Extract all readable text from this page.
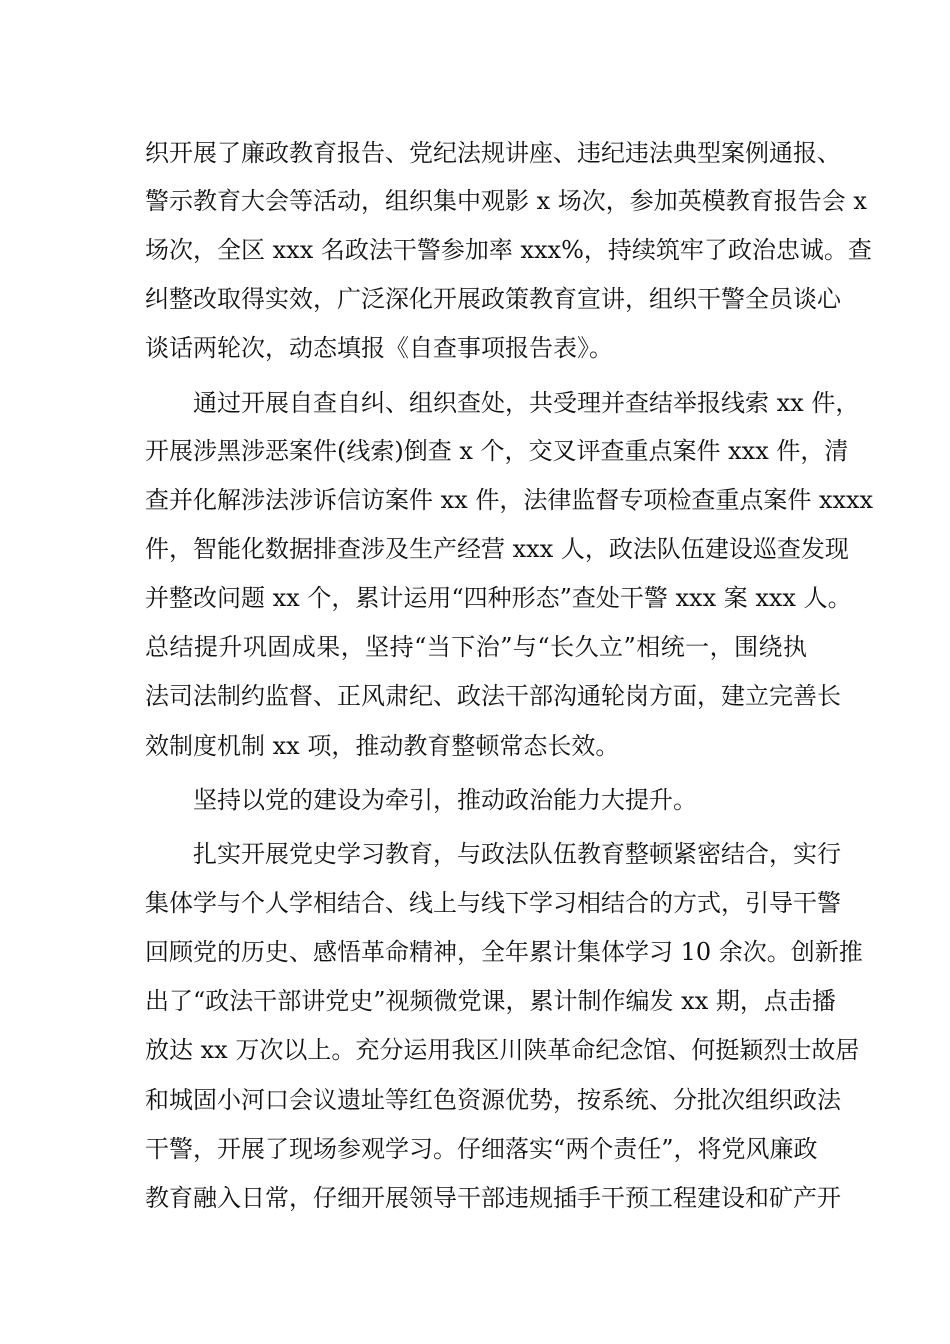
织开展了廉政教育报告、党纪法规讲座、违纪违法典型案例通报、
警示教育大会等活动，组织集中观影 x 场次，参加英模教育报告会 x
场次，全区 xxx 名政法干警参加率 xxx%，持续筑牢了政治忠诚。查
纠整改取得实效，广泛深化开展政策教育宣讲，组织干警全员谈心
谈话两轮次，动态填报《自查事项报告表》。
通过开展自查自纠、组织查处，共受理并查结举报线索 xx 件，
开展涉黑涉恶案件(线索)倒查 x 个，交叉评查重点案件 xxx 件，清
查并化解涉法涉诉信访案件 xx 件，法律监督专项检查重点案件 xxxx
件，智能化数据排查涉及生产经营 xxx 人，政法队伍建设巡查发现
并整改问题 xx 个，累计运用“四种形态”查处干警 xxx 案 xxx 人。
总结提升巩固成果，坚持“当下治”与“长久立”相统一，围绕执
法司法制约监督、正风肃纪、政法干部沟通轮岗方面，建立完善长
效制度机制 xx 项，推动教育整顿常态长效。
坚持以党的建设为牵引，推动政治能力大提升。
扎实开展党史学习教育，与政法队伍教育整顿紧密结合，实行
集体学与个人学相结合、线上与线下学习相结合的方式，引导干警
回顾党的历史、感悟革命精神，全年累计集体学习 10 余次。创新推
出了“政法干部讲党史”视频微党课，累计制作编发 xx 期，点击播
放达 xx 万次以上。充分运用我区川陕革命纪念馆、何挺颖烈士故居
和城固小河口会议遗址等红色资源优势，按系统、分批次组织政法
干警，开展了现场参观学习。仔细落实“两个责任”，将党风廉政
教育融入日常，仔细开展领导干部违规插手干预工程建设和矿产开
